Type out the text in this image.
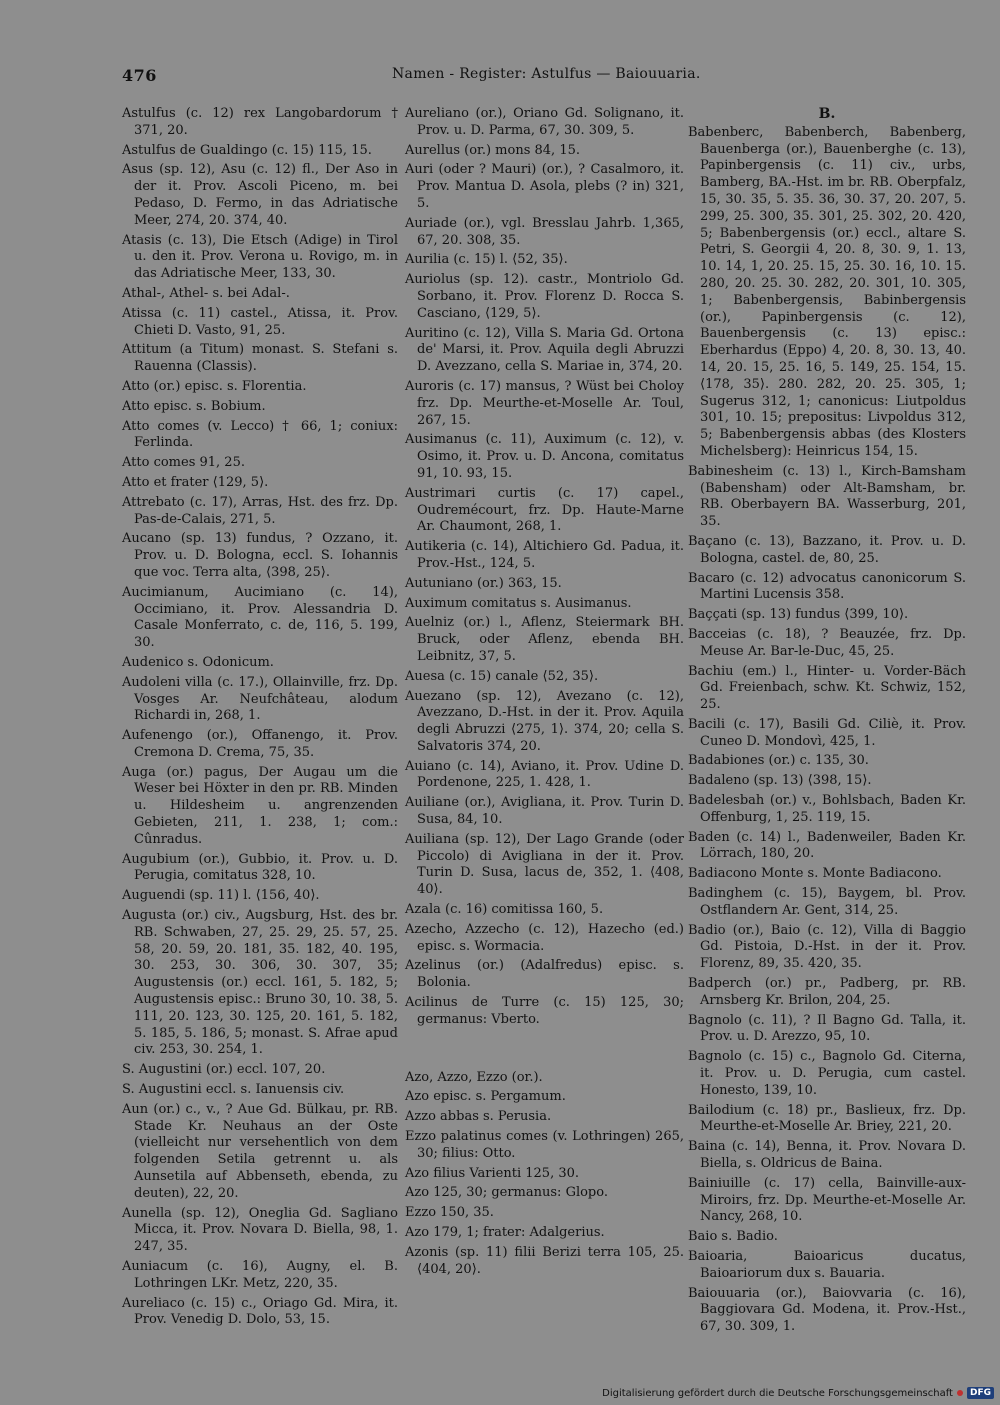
476	Namen - Register: Astulfus — Baiouuaria.
Astulfus (c. 12) rex Langobardorum † 371, 20.
Astulfus de Gualdingo (c. 15) 115, 15.
Asus (sp. 12), Asu (c. 12) fl., Der Aso in der it. Prov. Ascoli Piceno, m. bei Pedaso, D. Fermo, in das Adriatische Meer, 274, 20. 374, 40.
Atasis (c. 13), Die Etsch (Adige) in Tirol u. den it. Prov. Verona u. Rovigo, m. in das Adriatische Meer, 133, 30.
Athal-, Athel- s. bei Adal-.
Atissa (c. 11) castel., Atissa, it. Prov. Chieti D. Vasto, 91, 25.
Attitum (a Titum) monast. S. Stefani s. Rauenna (Classis).
Atto (or.) episc. s. Florentia.
Atto episc. s. Bobium.
Atto comes (v. Lecco) † 66, 1; coniux: Ferlinda.
Atto comes 91, 25.
Atto et frater ⟨129, 5⟩.
Attrebato (c. 17), Arras, Hst. des frz. Dp. Pas-de-Calais, 271, 5.
Aucano (sp. 13) fundus, ? Ozzano, it. Prov. u. D. Bologna, eccl. S. Iohannis que voc. Terra alta, ⟨398, 25⟩.
Aucimianum, Aucimiano (c. 14), Occimiano, it. Prov. Alessandria D. Casale Monferrato, c. de, 116, 5. 199, 30.
Audenico s. Odonicum.
Audoleni villa (c. 17.), Ollainville, frz. Dp. Vosges Ar. Neufchâteau, alodum Richardi in, 268, 1.
Aufenengo (or.), Offanengo, it. Prov. Cremona D. Crema, 75, 35.
Auga (or.) pagus, Der Augau um die Weser bei Höxter in den pr. RB. Minden u. Hildesheim u. angrenzenden Gebieten, 211, 1. 238, 1; com.: Cûnradus.
Augubium (or.), Gubbio, it. Prov. u. D. Perugia, comitatus 328, 10.
Auguendi (sp. 11) l. ⟨156, 40⟩.
Augusta (or.) civ., Augsburg, Hst. des br. RB. Schwaben, 27, 25. 29, 25. 57, 25. 58, 20. 59, 20. 181, 35. 182, 40. 195, 30. 253, 30. 306, 30. 307, 35; Augustensis (or.) eccl. 161, 5. 182, 5; Augustensis episc.: Bruno 30, 10. 38, 5. 111, 20. 123, 30. 125, 20. 161, 5. 182, 5. 185, 5. 186, 5; monast. S. Afrae apud civ. 253, 30. 254, 1.
S. Augustini (or.) eccl. 107, 20.
S. Augustini eccl. s. Ianuensis civ.
Aun (or.) c., v., ? Aue Gd. Bülkau, pr. RB. Stade Kr. Neuhaus an der Oste (vielleicht nur versehentlich von dem folgenden Setila getrennt u. als Aunsetila auf Abbenseth, ebenda, zu deuten), 22, 20.
Aunella (sp. 12), Oneglia Gd. Sagliano Micca, it. Prov. Novara D. Biella, 98, 1. 247, 35.
Auniacum (c. 16), Augny, el. B. Lothringen LKr. Metz, 220, 35.
Aureliaco (c. 15) c., Oriago Gd. Mira, it. Prov. Venedig D. Dolo, 53, 15.
Aureliano (or.), Oriano Gd. Solignano, it. Prov. u. D. Parma, 67, 30. 309, 5.
Aurellus (or.) mons 84, 15.
Auri (oder ? Mauri) (or.), ? Casalmoro, it. Prov. Mantua D. Asola, plebs (? in) 321, 5.
Auriade (or.), vgl. Bresslau Jahrb. 1,365, 67, 20. 308, 35.
Aurilia (c. 15) l. ⟨52, 35⟩.
Auriolus (sp. 12). castr., Montriolo Gd. Sorbano, it. Prov. Florenz D. Rocca S. Casciano, ⟨129, 5⟩.
Auritino (c. 12), Villa S. Maria Gd. Ortona de' Marsi, it. Prov. Aquila degli Abruzzi D. Avezzano, cella S. Mariae in, 374, 20.
Auroris (c. 17) mansus, ? Wüst bei Choloy frz. Dp. Meurthe-et-Moselle Ar. Toul, 267, 15.
Ausimanus (c. 11), Auximum (c. 12), v. Osimo, it. Prov. u. D. Ancona, comitatus 91, 10. 93, 15.
Austrimari curtis (c. 17) capel., Oudremécourt, frz. Dp. Haute-Marne Ar. Chaumont, 268, 1.
Autikeria (c. 14), Altichiero Gd. Padua, it. Prov.-Hst., 124, 5.
Autuniano (or.) 363, 15.
Auximum comitatus s. Ausimanus.
Auelniz (or.) l., Aflenz, Steiermark BH. Bruck, oder Aflenz, ebenda BH. Leibnitz, 37, 5.
Auesa (c. 15) canale ⟨52, 35⟩.
Auezano (sp. 12), Avezano (c. 12), Avezzano, D.-Hst. in der it. Prov. Aquila degli Abruzzi ⟨275, 1⟩. 374, 20; cella S. Salvatoris 374, 20.
Auiano (c. 14), Aviano, it. Prov. Udine D. Pordenone, 225, 1. 428, 1.
Auiliane (or.), Avigliana, it. Prov. Turin D. Susa, 84, 10.
Auiliana (sp. 12), Der Lago Grande (oder Piccolo) di Avigliana in der it. Prov. Turin D. Susa, lacus de, 352, 1. ⟨408, 40⟩.
Azala (c. 16) comitissa 160, 5.
Azecho, Azzecho (c. 12), Hazecho (ed.) episc. s. Wormacia.
Azelinus (or.) (Adalfredus) episc. s. Bolonia.
Acilinus de Turre (c. 15) 125, 30; germanus: Vberto.
Azo, Azzo, Ezzo (or.).
Azo episc. s. Pergamum.
Azzo abbas s. Perusia.
Ezzo palatinus comes (v. Lothringen) 265, 30; filius: Otto.
Azo filius Varienti 125, 30.
Azo 125, 30; germanus: Glopo.
Ezzo 150, 35.
Azo 179, 1; frater: Adalgerius.
Azonis (sp. 11) filii Berizi terra 105, 25. ⟨404, 20⟩.
B.
Babenberc, Babenberch, Babenberg, Bauenberga (or.), Bauenberghe (c. 13), Papinbergensis (c. 11) civ., urbs, Bamberg, BA.-Hst. im br. RB. Oberpfalz, 15, 30. 35, 5. 35. 36, 30. 37, 20. 207, 5. 299, 25. 300, 35. 301, 25. 302, 20. 420, 5; Babenbergensis (or.) eccl., altare S. Petri, S. Georgii 4, 20. 8, 30. 9, 1. 13, 10. 14, 1, 20. 25. 15, 25. 30. 16, 10. 15. 280, 20. 25. 30. 282, 20. 301, 10. 305, 1; Babenbergensis, Babinbergensis (or.), Papinbergensis (c. 12), Bauenbergensis (c. 13) episc.: Eberhardus (Eppo) 4, 20. 8, 30. 13, 40. 14, 20. 15, 25. 16, 5. 149, 25. 154, 15. ⟨178, 35⟩. 280. 282, 20. 25. 305, 1; Sugerus 312, 1; canonicus: Liutpoldus 301, 10. 15; prepositus: Livpoldus 312, 5; Babenbergensis abbas (des Klosters Michelsberg): Heinricus 154, 15.
Babinesheim (c. 13) l., Kirch-Bamsham (Babensham) oder Alt-Bamsham, br. RB. Oberbayern BA. Wasserburg, 201, 35.
Baçano (c. 13), Bazzano, it. Prov. u. D. Bologna, castel. de, 80, 25.
Bacaro (c. 12) advocatus canonicorum S. Martini Lucensis 358.
Baççati (sp. 13) fundus ⟨399, 10⟩.
Bacceias (c. 18), ? Beauzée, frz. Dp. Meuse Ar. Bar-le-Duc, 45, 25.
Bachiu (em.) l., Hinter- u. Vorder-Bäch Gd. Freienbach, schw. Kt. Schwiz, 152, 25.
Bacili (c. 17), Basili Gd. Ciliè, it. Prov. Cuneo D. Mondovì, 425, 1.
Badabiones (or.) c. 135, 30.
Badaleno (sp. 13) ⟨398, 15⟩.
Badelesbah (or.) v., Bohlsbach, Baden Kr. Offenburg, 1, 25. 119, 15.
Baden (c. 14) l., Badenweiler, Baden Kr. Lörrach, 180, 20.
Badiacono Monte s. Monte Badiacono.
Badinghem (c. 15), Baygem, bl. Prov. Ostflandern Ar. Gent, 314, 25.
Badio (or.), Baio (c. 12), Villa di Baggio Gd. Pistoia, D.-Hst. in der it. Prov. Florenz, 89, 35. 420, 35.
Badperch (or.) pr., Padberg, pr. RB. Arnsberg Kr. Brilon, 204, 25.
Bagnolo (c. 11), ? Il Bagno Gd. Talla, it. Prov. u. D. Arezzo, 95, 10.
Bagnolo (c. 15) c., Bagnolo Gd. Citerna, it. Prov. u. D. Perugia, cum castel. Honesto, 139, 10.
Bailodium (c. 18) pr., Baslieux, frz. Dp. Meurthe-et-Moselle Ar. Briey, 221, 20.
Baina (c. 14), Benna, it. Prov. Novara D. Biella, s. Oldricus de Baina.
Bainiuille (c. 17) cella, Bainville-aux-Miroirs, frz. Dp. Meurthe-et-Moselle Ar. Nancy, 268, 10.
Baio s. Badio.
Baioaria, Baioaricus ducatus, Baioariorum dux s. Bauaria.
Baiouuaria (or.), Baiovvaria (c. 16), Baggiovara Gd. Modena, it. Prov.-Hst., 67, 30. 309, 1.
Digitalisierung gefördert durch die Deutsche Forschungsgemeinschaft	DFG
